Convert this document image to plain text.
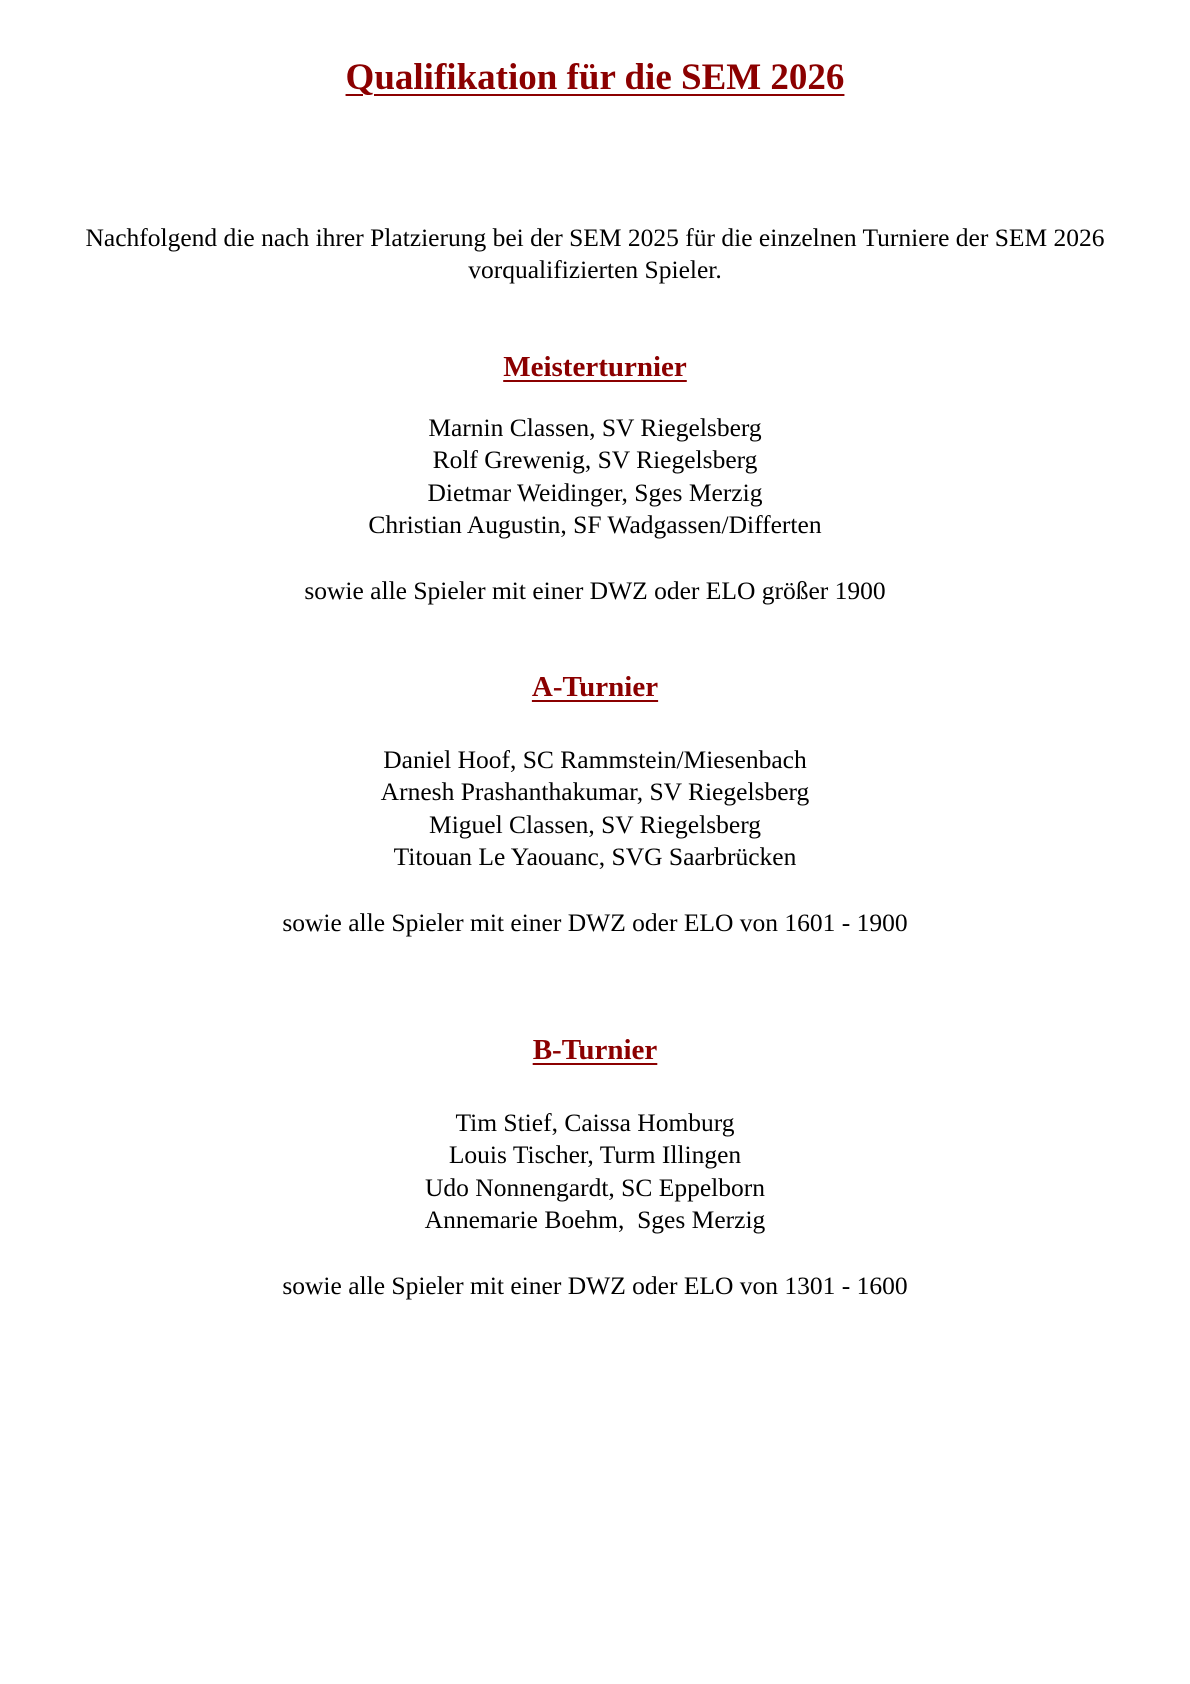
Qualifikation für die SEM 2026
Nachfolgend die nach ihrer Platzierung bei der SEM 2025 für die einzelnen Turniere der SEM 2026 vorqualifizierten Spieler.
Meisterturnier
Marnin Classen, SV Riegelsberg
Rolf Grewenig, SV Riegelsberg
Dietmar Weidinger, Sges Merzig
Christian Augustin, SF Wadgassen/Differten
sowie alle Spieler mit einer DWZ oder ELO größer 1900
A-Turnier
Daniel Hoof, SC Rammstein/Miesenbach
Arnesh Prashanthakumar, SV Riegelsberg
Miguel Classen, SV Riegelsberg
Titouan Le Yaouanc, SVG Saarbrücken
sowie alle Spieler mit einer DWZ oder ELO von 1601 - 1900
B-Turnier
Tim Stief, Caissa Homburg
Louis Tischer, Turm Illingen
Udo Nonnengardt, SC Eppelborn
Annemarie Boehm,  Sges Merzig
sowie alle Spieler mit einer DWZ oder ELO von 1301 - 1600
